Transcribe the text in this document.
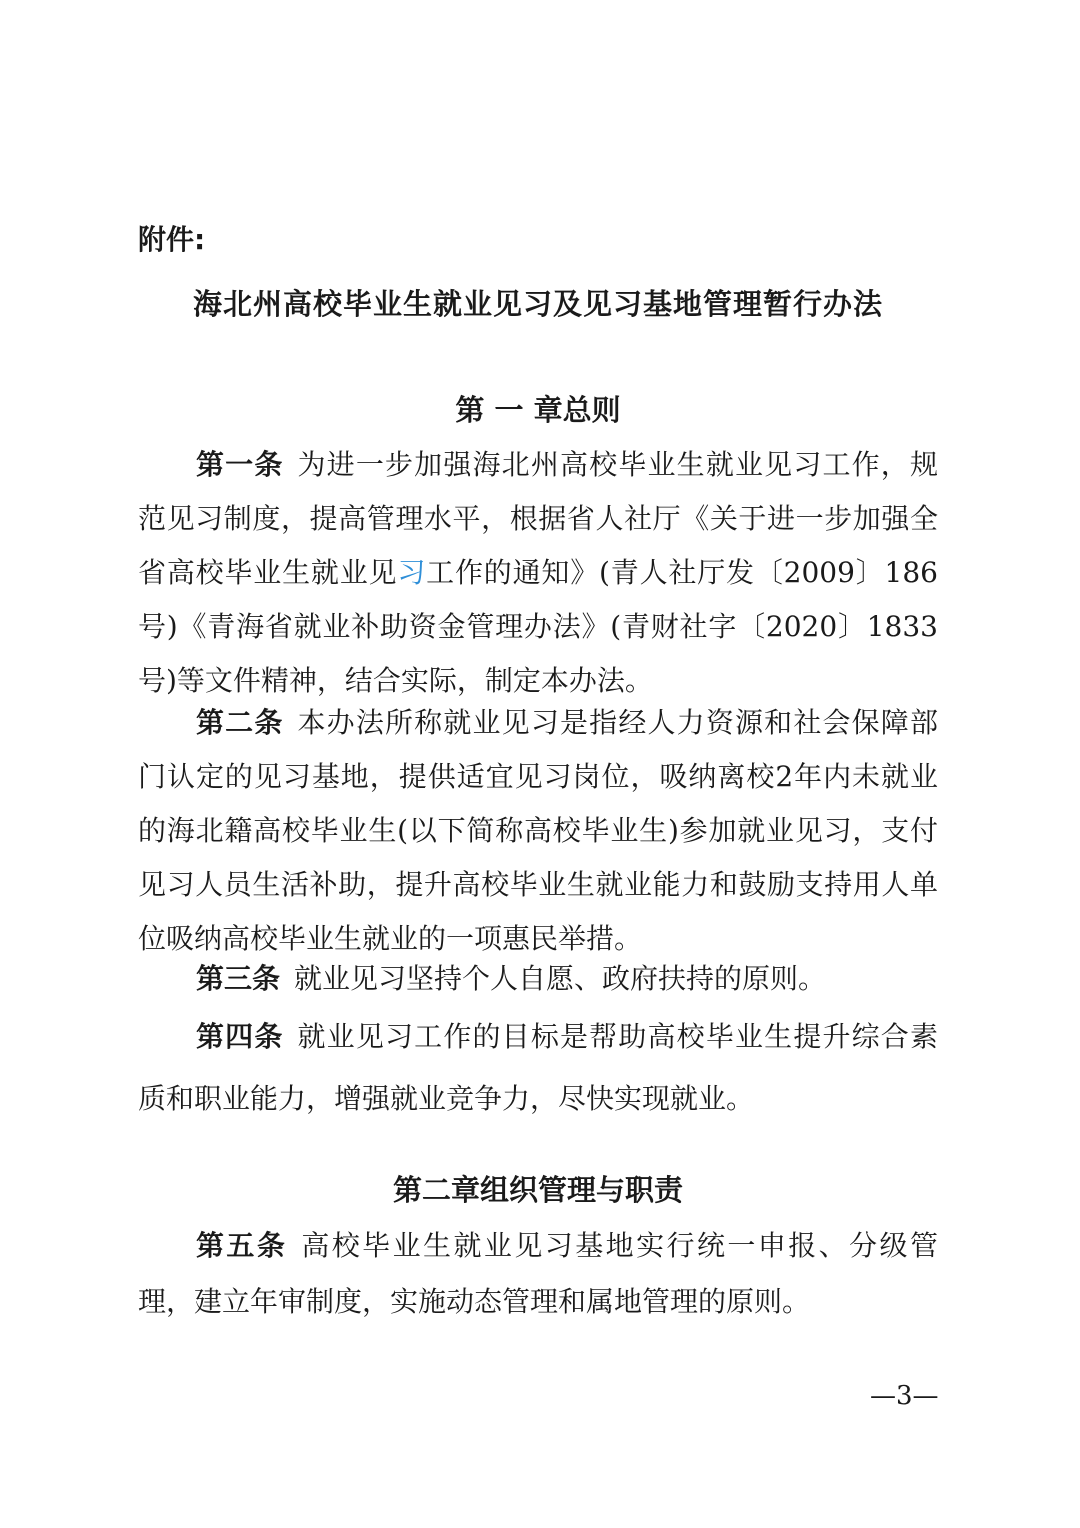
附件:
海北州高校毕业生就业见习及见习基地管理暂行办法
第 一 章总则
第一条 为进一步加强海北州高校毕业生就业见习工作，规范见习制度，提高管理水平，根据省人社厅《关于进一步加强全省高校毕业生就业见习工作的通知》(青人社厅发〔2009〕186号)《青海省就业补助资金管理办法》(青财社字〔2020〕1833号)等文件精神，结合实际，制定本办法。
第二条 本办法所称就业见习是指经人力资源和社会保障部门认定的见习基地，提供适宜见习岗位，吸纳离校2年内未就业的海北籍高校毕业生(以下简称高校毕业生)参加就业见习，支付见习人员生活补助，提升高校毕业生就业能力和鼓励支持用人单位吸纳高校毕业生就业的一项惠民举措。
第三条 就业见习坚持个人自愿、政府扶持的原则。
第四条 就业见习工作的目标是帮助高校毕业生提升综合素质和职业能力，增强就业竞争力，尽快实现就业。
第二章组织管理与职责
第五条 高校毕业生就业见习基地实行统一申报、分级管理，建立年审制度，实施动态管理和属地管理的原则。
—3—
